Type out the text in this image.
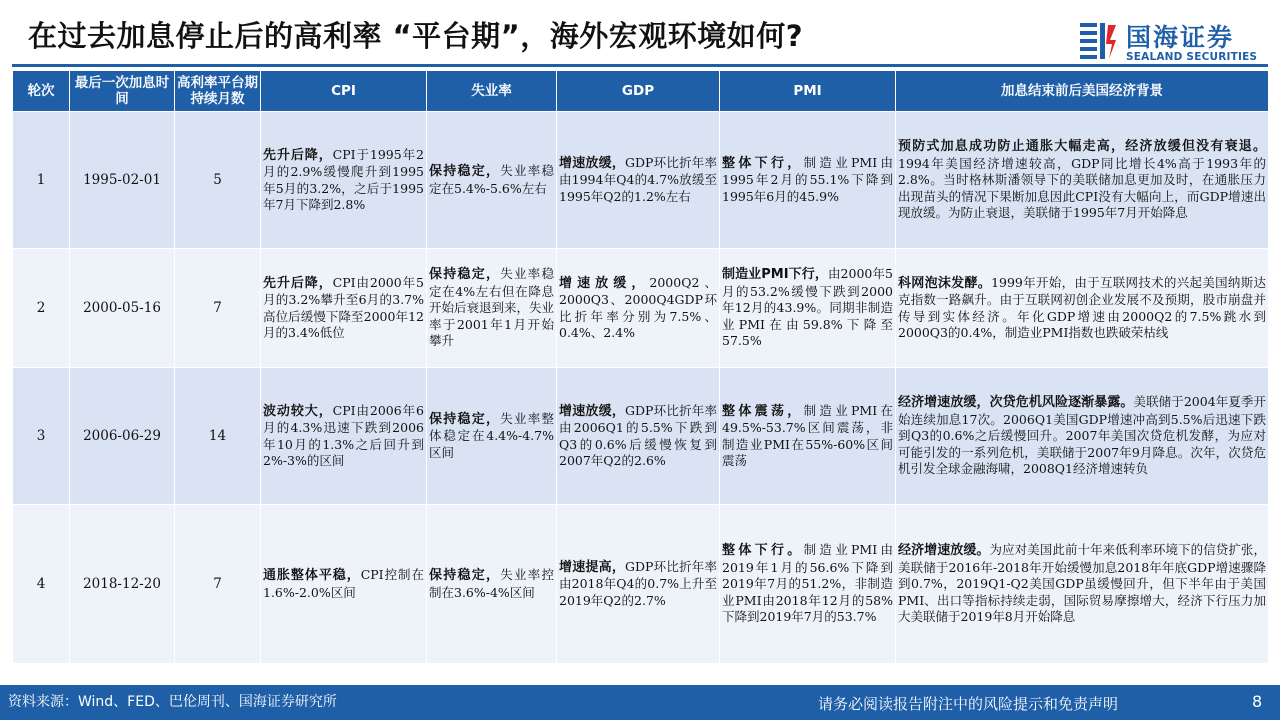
在过去加息停止后的高利率 “平台期”，海外宏观环境如何?	国海证券
SEALAND SECURITIES
轮次	最后一次加息时间	高利率平台期持续月数	CPI	失业率	GDP	PMI	加息结束前后美国经济背景
1	1995-02-01	5	先升后降，CPI于1995年2月的2.9%缓慢爬升到1995年5月的3.2%，之后于1995年7月下降到2.8%	保持稳定，失业率稳定在5.4%-5.6%左右	增速放缓，GDP环比折年率由1994年Q4的4.7%放缓至1995年Q2的1.2%左右	整体下行，制造业PMI由1995年2月的55.1%下降到1995年6月的45.9%	预防式加息成功防止通胀大幅走高，经济放缓但没有衰退。1994年美国经济增速较高，GDP同比增长4%高于1993年的2.8%。当时格林斯潘领导下的美联储加息更加及时，在通胀压力出现苗头的情况下果断加息因此CPI没有大幅向上，而GDP增速出现放缓。为防止衰退，美联储于1995年7月开始降息
2	2000-05-16	7	先升后降，CPI由2000年5月的3.2%攀升至6月的3.7%高位后缓慢下降至2000年12月的3.4%低位	保持稳定，失业率稳定在4%左右但在降息开始后衰退到来，失业率于2001年1月开始攀升	增速放缓，2000Q2、2000Q3、2000Q4GDP环比折年率分别为7.5%、0.4%、2.4%	制造业PMI下行，由2000年5月的53.2%缓慢下跌到2000年12月的43.9%。同期非制造业PMI在由59.8%下降至57.5%	科网泡沫发酵。1999年开始，由于互联网技术的兴起美国纳斯达克指数一路飙升。由于互联网初创企业发展不及预期，股市崩盘并传导到实体经济。年化GDP增速由2000Q2的7.5%跳水到2000Q3的0.4%，制造业PMI指数也跌破荣枯线
3	2006-06-29	14	波动较大，CPI由2006年6月的4.3%迅速下跌到2006年10月的1.3%之后回升到2%-3%的区间	保持稳定，失业率整体稳定在4.4%-4.7%区间	增速放缓，GDP环比折年率由2006Q1的5.5%下跌到Q3的0.6%后缓慢恢复到2007年Q2的2.6%	整体震荡，制造业PMI在49.5%-53.7%区间震荡，非制造业PMI在55%-60%区间震荡	经济增速放缓，次贷危机风险逐渐暴露。美联储于2004年夏季开始连续加息17次。2006Q1美国GDP增速冲高到5.5%后迅速下跌到Q3的0.6%之后缓慢回升。2007年美国次贷危机发酵，为应对可能引发的一系列危机，美联储于2007年9月降息。次年，次贷危机引发全球金融海啸，2008Q1经济增速转负
4	2018-12-20	7	通胀整体平稳，CPI控制在1.6%-2.0%区间	保持稳定，失业率控制在3.6%-4%区间	增速提高，GDP环比折年率由2018年Q4的0.7%上升至2019年Q2的2.7%	整体下行。制造业PMI由2019年1月的56.6%下降到2019年7月的51.2%，非制造业PMI由2018年12月的58%下降到2019年7月的53.7%	经济增速放缓。为应对美国此前十年来低利率环境下的信贷扩张，美联储于2016年-2018年开始缓慢加息2018年年底GDP增速骤降到0.7%，2019Q1-Q2美国GDP虽缓慢回升，但下半年由于美国PMI、出口等指标持续走弱，国际贸易摩擦增大，经济下行压力加大美联储于2019年8月开始降息
资料来源：Wind、FED、巴伦周刊、国海证券研究所	请务必阅读报告附注中的风险提示和免责声明	8
